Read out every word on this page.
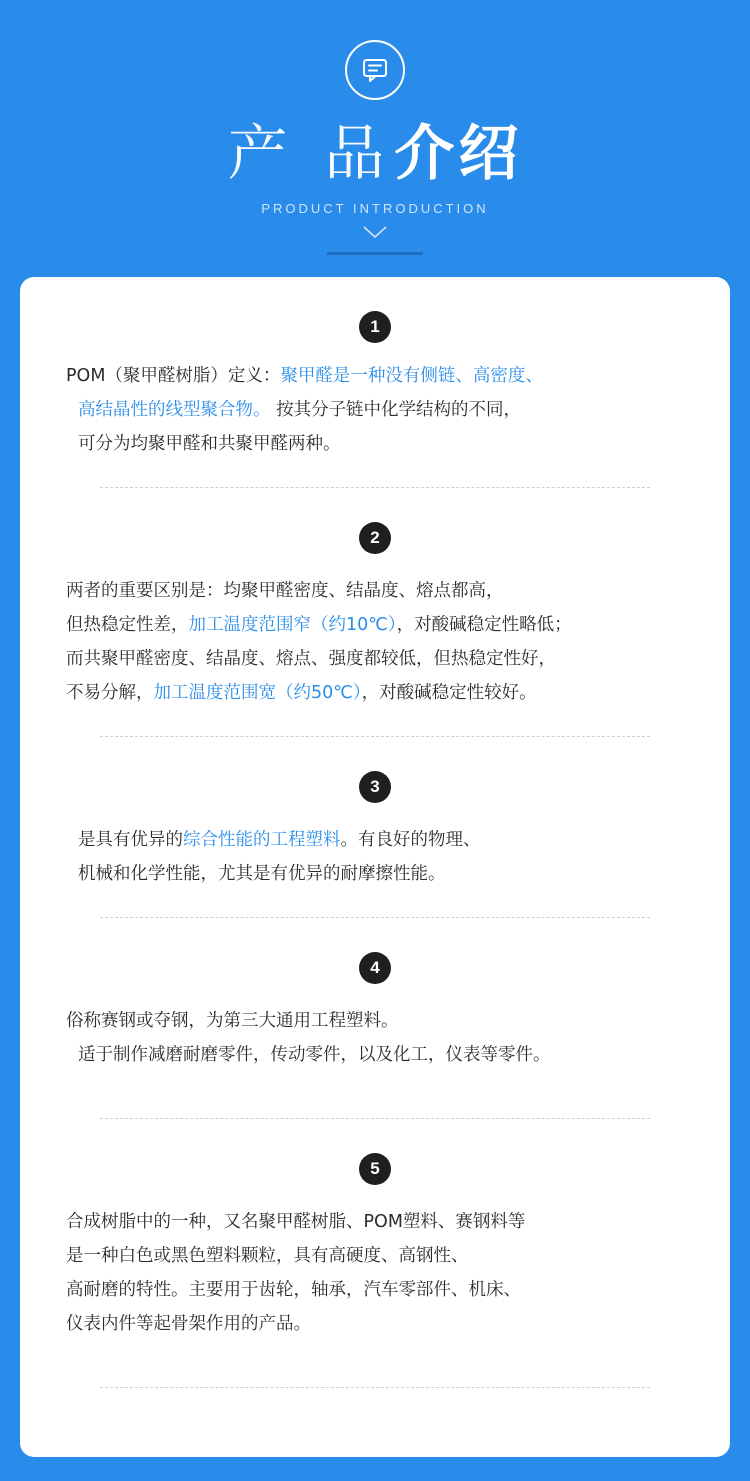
产 品介绍
PRODUCT INTRODUCTION
1
POM（聚甲醛树脂）定义：聚甲醛是一种没有侧链、高密度、
高结晶性的线型聚合物。 按其分子链中化学结构的不同，
可分为均聚甲醛和共聚甲醛两种。
2
两者的重要区别是：均聚甲醛密度、结晶度、熔点都高，
但热稳定性差，加工温度范围窄（约10℃），对酸碱稳定性略低；
而共聚甲醛密度、结晶度、熔点、强度都较低，但热稳定性好，
不易分解，加工温度范围宽（约50℃），对酸碱稳定性较好。
3
是具有优异的综合性能的工程塑料。有良好的物理、
机械和化学性能，尤其是有优异的耐摩擦性能。
4
俗称赛钢或夺钢，为第三大通用工程塑料。
适于制作减磨耐磨零件，传动零件，以及化工，仪表等零件。
5
合成树脂中的一种，又名聚甲醛树脂、POM塑料、赛钢料等
是一种白色或黑色塑料颗粒，具有高硬度、高钢性、
高耐磨的特性。主要用于齿轮，轴承，汽车零部件、机床、
仪表内件等起骨架作用的产品。
